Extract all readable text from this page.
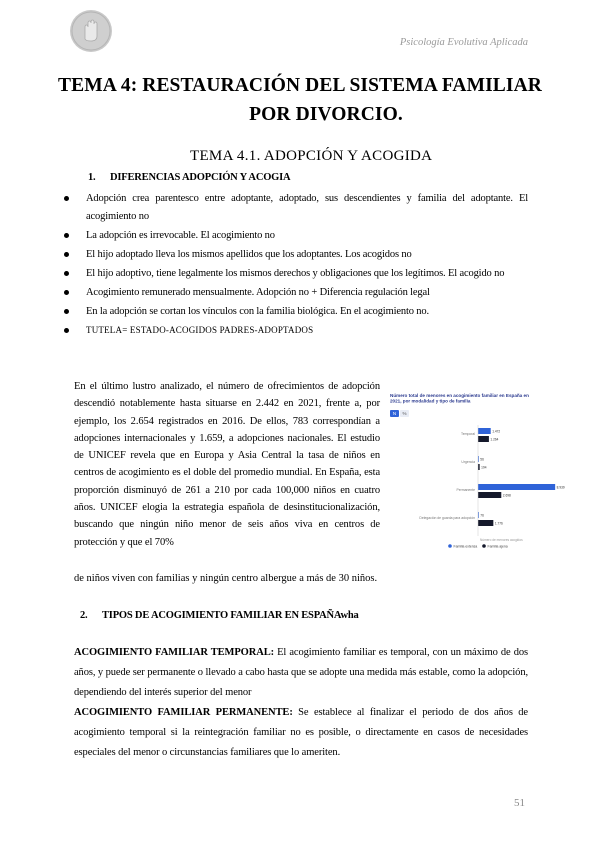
Psicología Evolutiva Aplicada
TEMA 4: RESTAURACIÓN DEL SISTEMA FAMILIAR
POR DIVORCIO.
TEMA 4.1. ADOPCIÓN Y ACOGIDA
1. DIFERENCIAS ADOPCIÓN Y ACOGIA
Adopción crea parentesco entre adoptante, adoptado, sus descendientes y familia del adoptante. El acogimiento no
La adopción es irrevocable. El acogimiento no
El hijo adoptado lleva los mismos apellidos que los adoptantes. Los acogidos no
El hijo adoptivo, tiene legalmente los mismos derechos y obligaciones que los legítimos. El acogido no
Acogimiento remunerado mensualmente. Adopción no + Diferencia regulación legal
En la adopción se cortan los vínculos con la familia biológica. En el acogimiento no.
TUTELA= ESTADO-ACOGIDOS PADRES-ADOPTADOS
En el último lustro analizado, el número de ofrecimientos de adopción descendió notablemente hasta situarse en 2.442 en 2021, frente a, por ejemplo, los 2.654 registrados en 2016. De ellos, 783 correspondían a adopciones internacionales y 1.659, a adopciones nacionales. El estudio de UNICEF revela que en Europa y Asia Central la tasa de niños en centros de acogimiento es el doble del promedio mundial. En España, esta proporción disminuyó de 261 a 210 por cada 100,000 niños en cuatro años. UNICEF elogia la estrategia española de desinstitucionalización, buscando que ningún niño menor de seis años viva en centros de protección y que el 70%
de niños viven con familias y ningún centro albergue a más de 30 niños.
Número total de menores en acogimiento familiar en España en 2021, por modalidad y tipo de familia
N %
Temporal
1.472
1.264
Urgencia
56
194
Permanente
8.939
2.698
Delegación de guarda para adopción
76
1.776
Número de menores acogidos
Familia extensa	Familia ajena
2. TIPOS DE ACOGIMIENTO FAMILIAR EN ESPAÑAwha

ACOGIMIENTO FAMILIAR TEMPORAL: El acogimiento familiar es temporal, con un máximo de dos años, y puede ser permanente o llevado a cabo hasta que se adopte una medida más estable, como la adopción, dependiendo del interés superior del menor

ACOGIMIENTO FAMILIAR PERMANENTE: Se establece al finalizar el periodo de dos años de acogimiento temporal si la reintegración familiar no es posible, o directamente en casos de necesidades especiales del menor o circunstancias familiares que lo ameriten.

51
